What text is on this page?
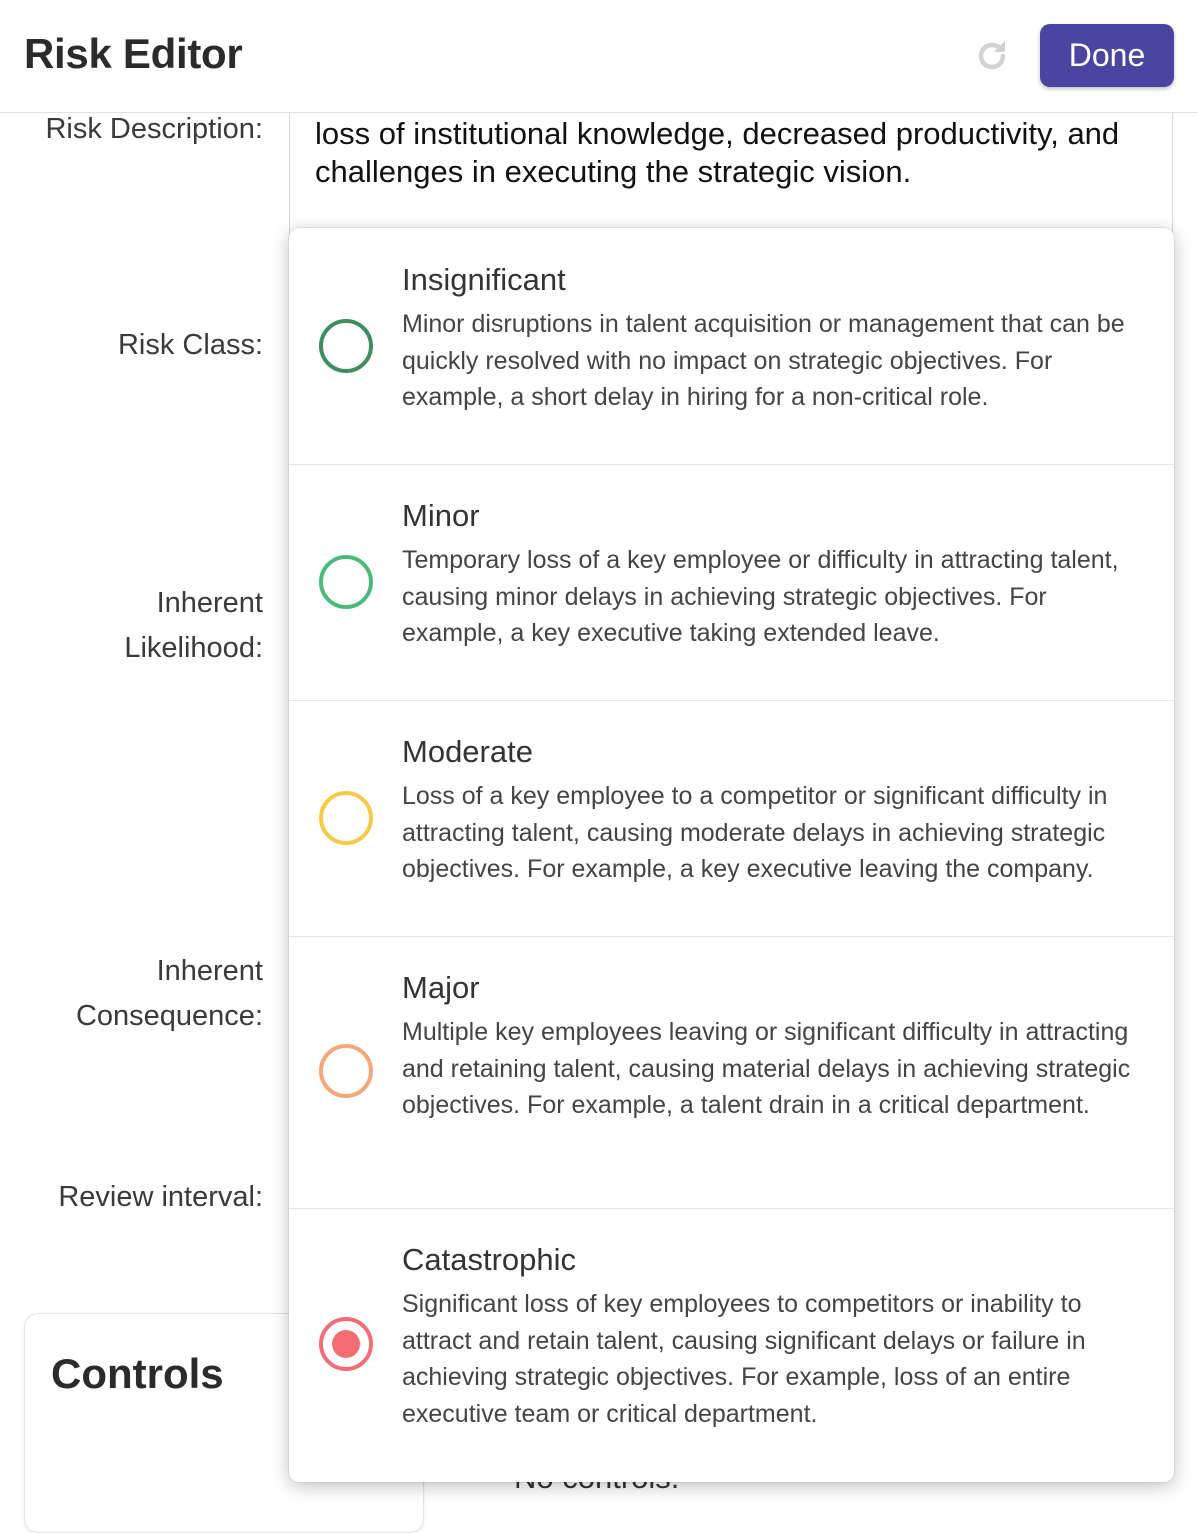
Risk Editor	Done
Risk Description: loss of institutional knowledge, decreased productivity, and challenges in executing the strategic vision.
Risk Class:
Inherent
Likelihood:
Inherent
Consequence:
Review interval:
Controls
Insignificant
Minor disruptions in talent acquisition or management that can be quickly resolved with no impact on strategic objectives. For example, a short delay in hiring for a non-critical role.
Minor
Temporary loss of a key employee or difficulty in attracting talent, causing minor delays in achieving strategic objectives. For example, a key executive taking extended leave.
Moderate
Loss of a key employee to a competitor or significant difficulty in attracting talent, causing moderate delays in achieving strategic objectives. For example, a key executive leaving the company.
Major
Multiple key employees leaving or significant difficulty in attracting and retaining talent, causing material delays in achieving strategic objectives. For example, a talent drain in a critical department.
Catastrophic
Significant loss of key employees to competitors or inability to attract and retain talent, causing significant delays or failure in achieving strategic objectives. For example, loss of an entire executive team or critical department.
